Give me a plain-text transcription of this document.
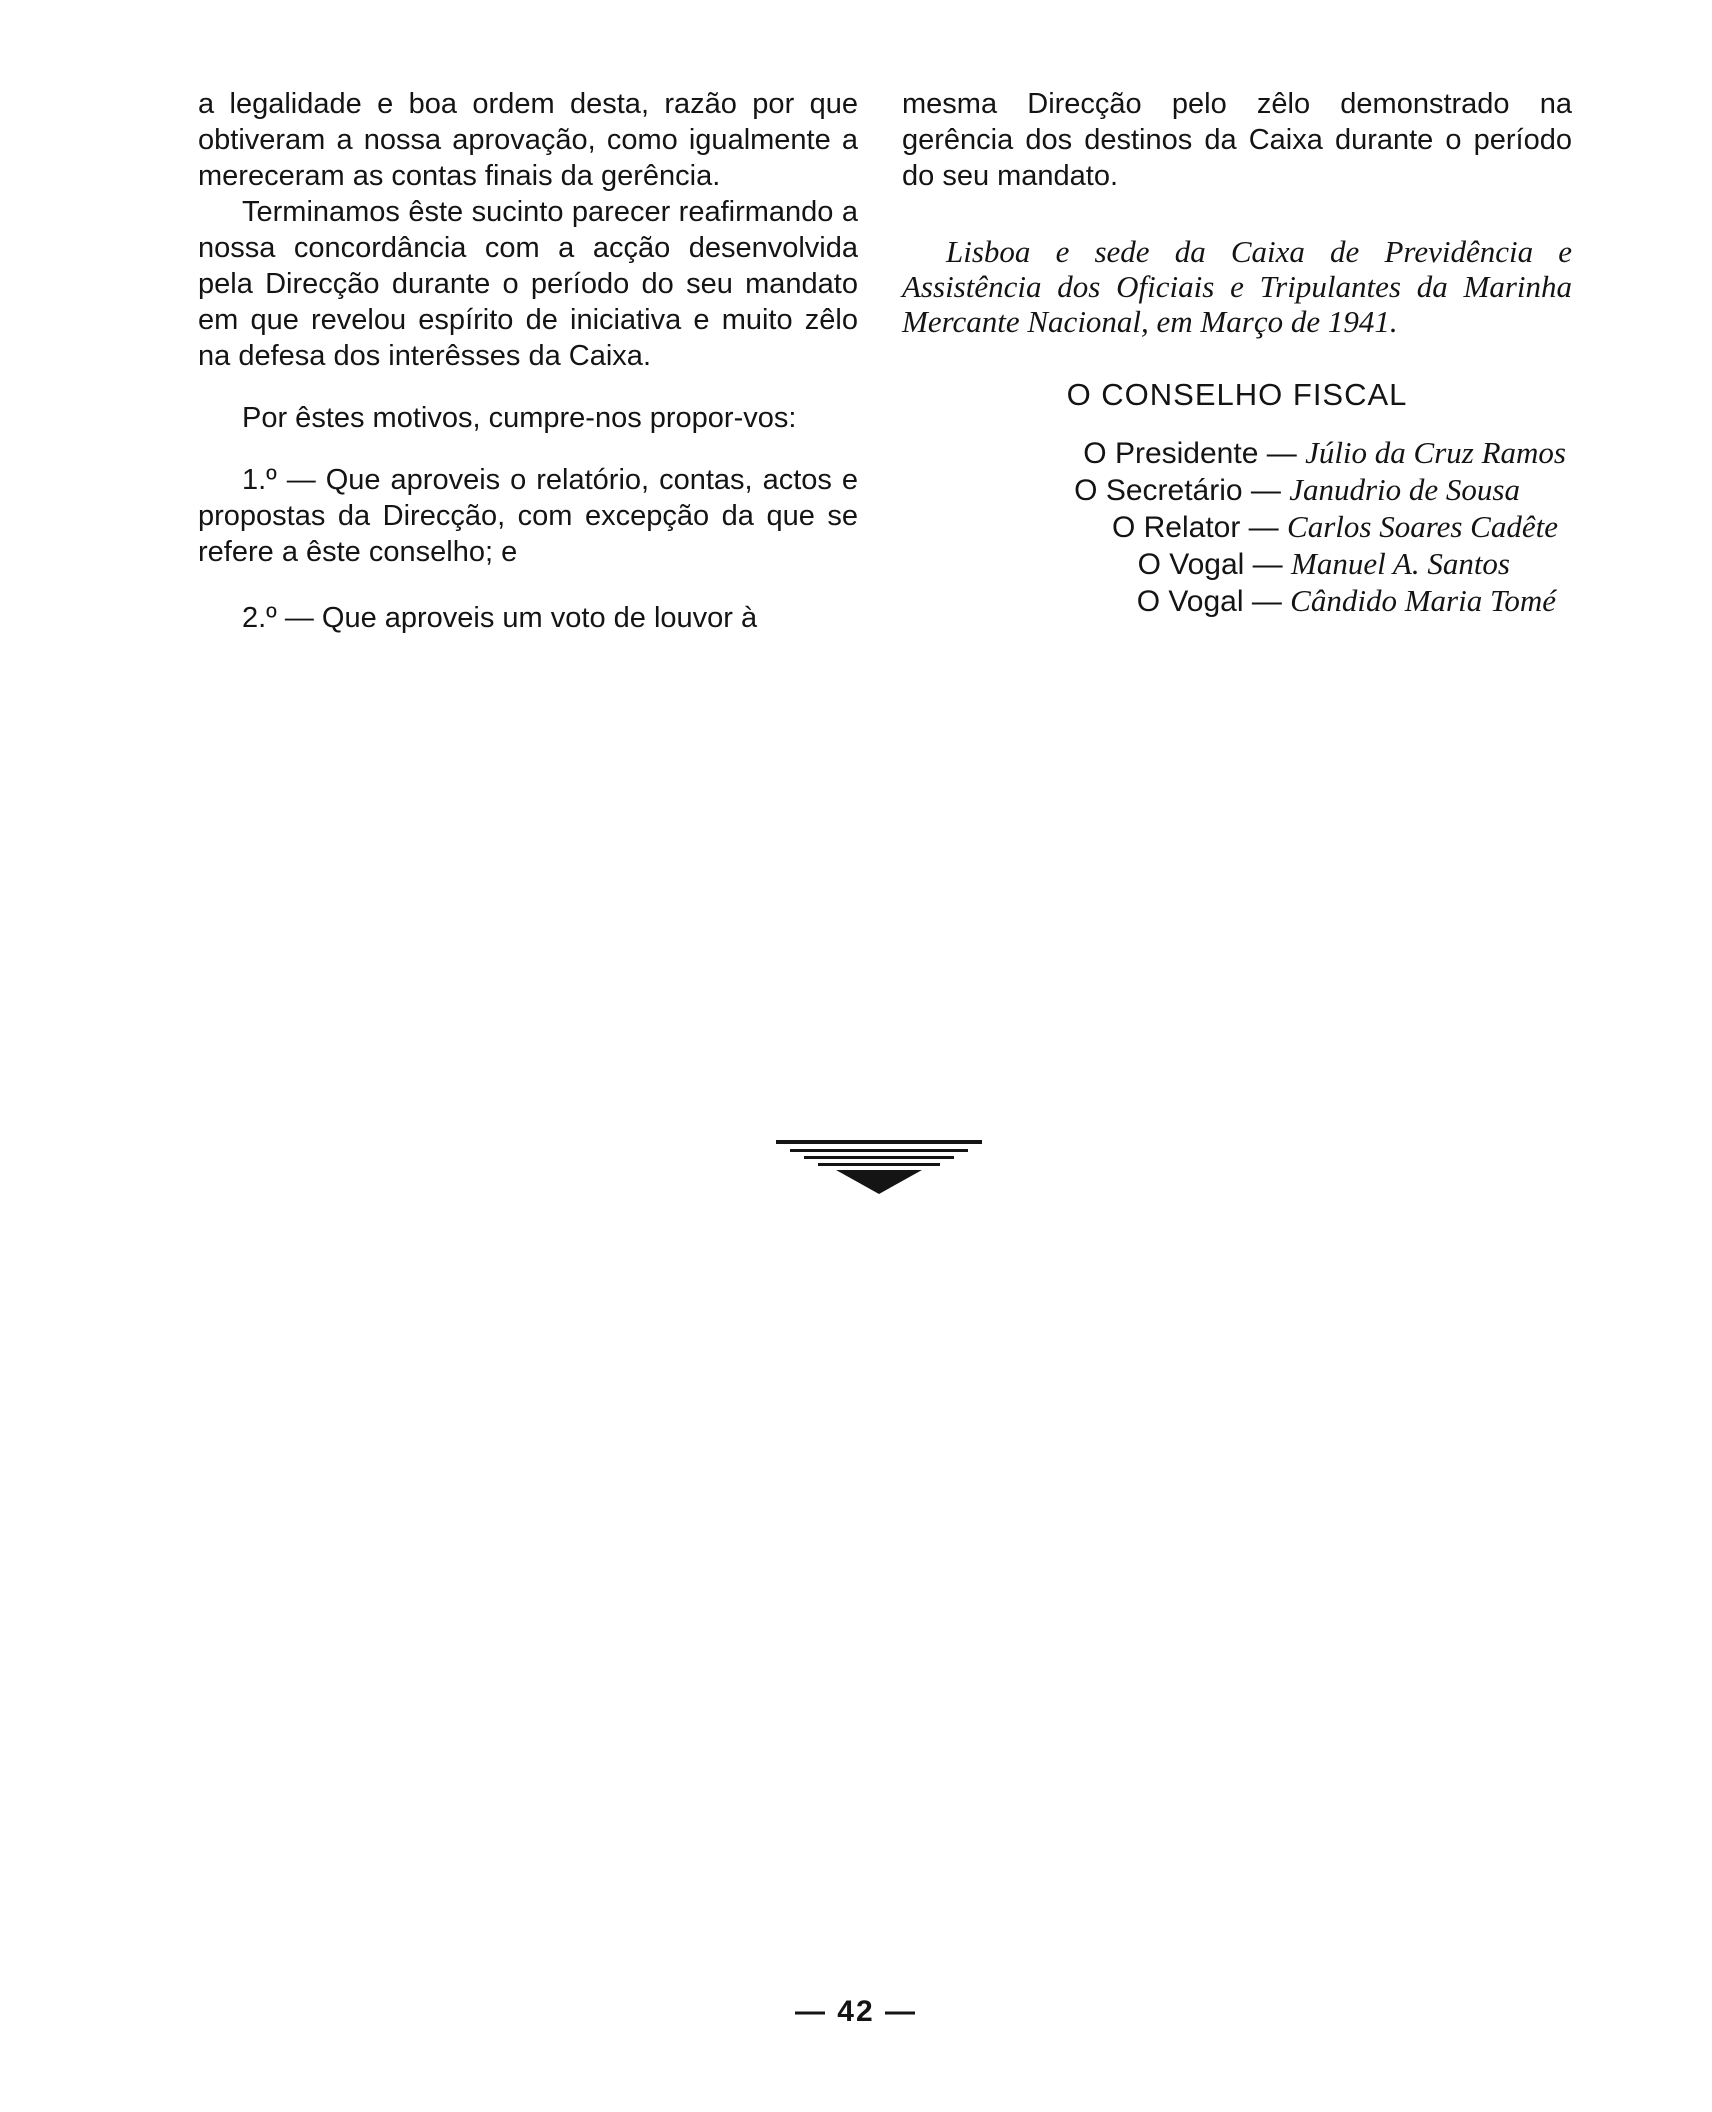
a legalidade e boa ordem desta, razão por que obtiveram a nossa aprovação, como igualmente a mereceram as contas finais da gerência.

Terminamos êste sucinto parecer reafirmando a nossa concordância com a acção desenvolvida pela Direcção durante o período do seu mandato em que revelou espírito de iniciativa e muito zêlo na defesa dos interêsses da Caixa.

Por êstes motivos, cumpre-nos propor-vos:

1.º — Que aproveis o relatório, contas, actos e propostas da Direcção, com excepção da que se refere a êste conselho; e

2.º — Que aproveis um voto de louvor à

mesma Direcção pelo zêlo demonstrado na gerência dos destinos da Caixa durante o período do seu mandato.

Lisboa e sede da Caixa de Previdência e Assistência dos Oficiais e Tripulantes da Marinha Mercante Nacional, em Março de 1941.

O CONSELHO FISCAL
O Presidente — Júlio da Cruz Ramos
O Secretário — Janudrio de Sousa
O Relator — Carlos Soares Cadête
O Vogal — Manuel A. Santos
O Vogal — Cândido Maria Tomé
— 42 —
